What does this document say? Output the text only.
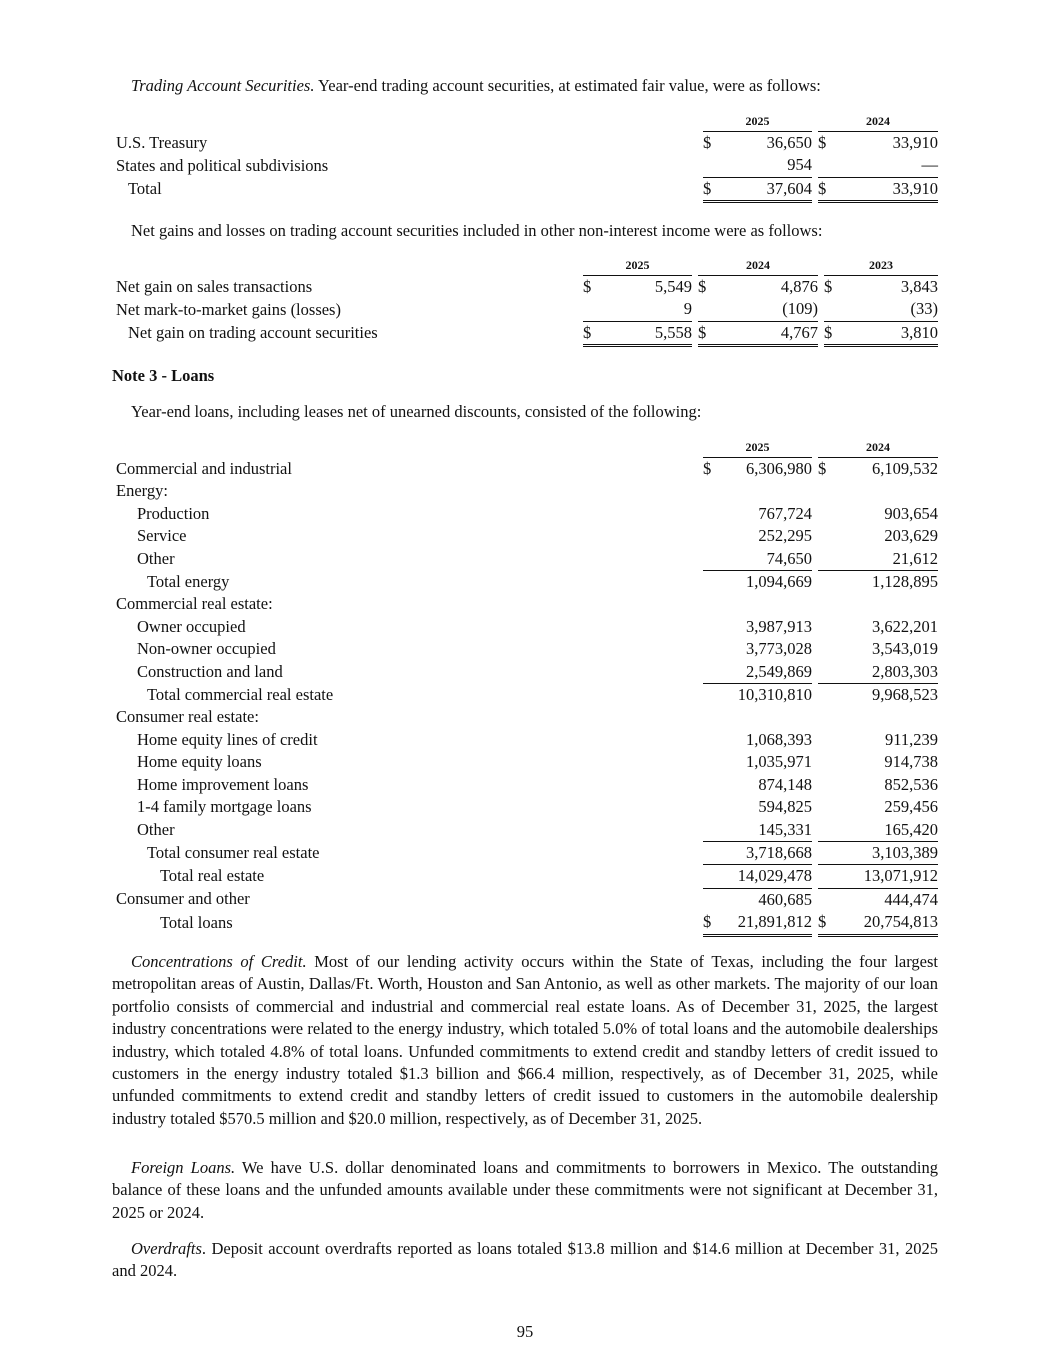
Trading Account Securities. Year-end trading account securities, at estimated fair value, were as follows:

		2025			2024	
U.S. Treasury		$	36,650		$	33,910
States and political subdivisions			954			—
Total		$	37,604		$	33,910

Net gains and losses on trading account securities included in other non-interest income were as follows:

		2025			2024			2023	
Net gain on sales transactions		$	5,549		$	4,876		$	3,843
Net mark-to-market gains (losses)			9			(109)			(33)
Net gain on trading account securities		$	5,558		$	4,767		$	3,810
Note 3 - Loans

Year-end loans, including leases net of unearned discounts, consisted of the following:

		2025			2024	
Commercial and industrial		$	6,306,980		$	6,109,532
Energy:						
Production			767,724			903,654
Service			252,295			203,629
Other			74,650			21,612
Total energy			1,094,669			1,128,895
Commercial real estate:						
Owner occupied			3,987,913			3,622,201
Non-owner occupied			3,773,028			3,543,019
Construction and land			2,549,869			2,803,303
Total commercial real estate			10,310,810			9,968,523
Consumer real estate:						
Home equity lines of credit			1,068,393			911,239
Home equity loans			1,035,971			914,738
Home improvement loans			874,148			852,536
1-4 family mortgage loans			594,825			259,456
Other			145,331			165,420
Total consumer real estate			3,718,668			3,103,389
Total real estate			14,029,478			13,071,912
Consumer and other			460,685			444,474
Total loans		$	21,891,812		$	20,754,813

Concentrations of Credit. Most of our lending activity occurs within the State of Texas, including the four largest metropolitan areas of Austin, Dallas/Ft. Worth, Houston and San Antonio, as well as other markets. The majority of our loan portfolio consists of commercial and industrial and commercial real estate loans. As of December 31, 2025, the largest industry concentrations were related to the energy industry, which totaled 5.0% of total loans and the automobile dealerships industry, which totaled 4.8% of total loans. Unfunded commitments to extend credit and standby letters of credit issued to customers in the energy industry totaled $1.3 billion and $66.4 million, respectively, as of December 31, 2025, while unfunded commitments to extend credit and standby letters of credit issued to customers in the automobile dealership industry totaled $570.5 million and $20.0 million, respectively, as of December 31, 2025.

Foreign Loans. We have U.S. dollar denominated loans and commitments to borrowers in Mexico. The outstanding balance of these loans and the unfunded amounts available under these commitments were not significant at December 31, 2025 or 2024.

Overdrafts. Deposit account overdrafts reported as loans totaled $13.8 million and $14.6 million at December 31, 2025 and 2024.

95
